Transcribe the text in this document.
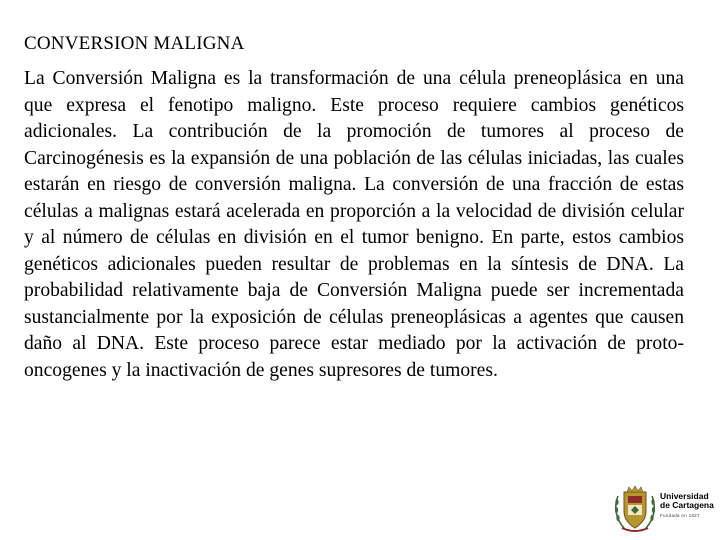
CONVERSION MALIGNA

La Conversión Maligna es la transformación de una célula preneoplásica en una que expresa el fenotipo maligno. Este proceso requiere cambios genéticos adicionales. La contribución de la promoción de tumores al proceso de Carcinogénesis es la expansión de una población de las células iniciadas, las cuales estarán en riesgo de conversión maligna. La conversión de una fracción de estas células a malignas estará acelerada en proporción a la velocidad de división celular y al número de células en división en el tumor benigno. En parte, estos cambios genéticos adicionales pueden resultar de problemas en la síntesis de DNA. La probabilidad relativamente baja de Conversión Maligna puede ser incrementada sustancialmente por la exposición de células preneoplásicas a agentes que causen daño al DNA. Este proceso parece estar mediado por la activación de proto-oncogenes y la inactivación de genes supresores de tumores.

Universidad
de Cartagena
Fundada en 1827
